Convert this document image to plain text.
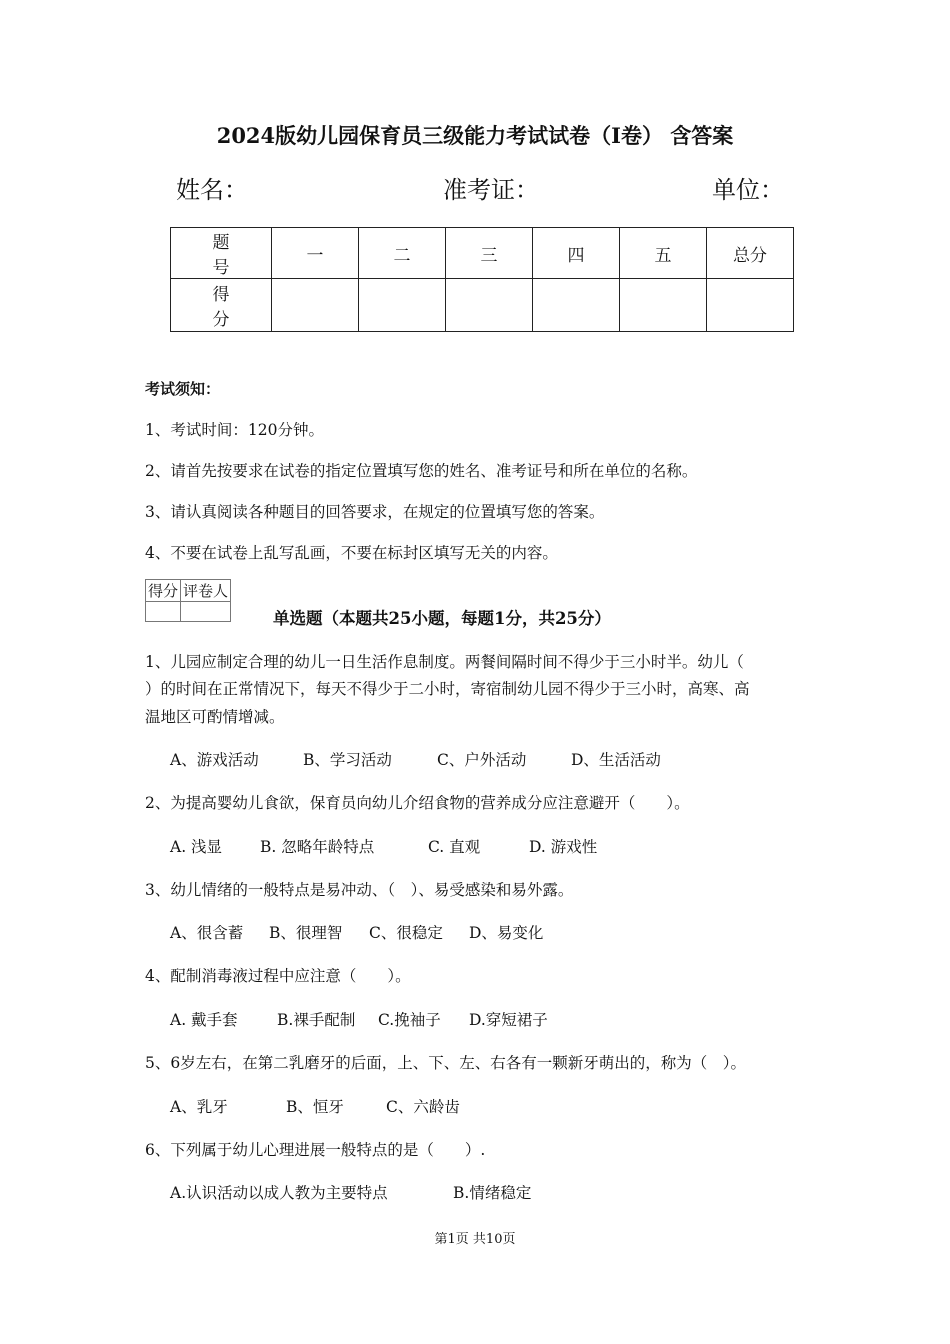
2024版幼儿园保育员三级能力考试试卷（I卷） 含答案
姓名：	准考证：	单位：
题　号	一	二	三	四	五	总分
得　分						
考试须知：
1、考试时间：120分钟。
2、请首先按要求在试卷的指定位置填写您的姓名、准考证号和所在单位的名称。
3、请认真阅读各种题目的回答要求，在规定的位置填写您的答案。
4、不要在试卷上乱写乱画，不要在标封区填写无关的内容。
得分	评卷人

单选题（本题共25小题，每题1分，共25分）
1、儿园应制定合理的幼儿一日生活作息制度。两餐间隔时间不得少于三小时半。幼儿（
）的时间在正常情况下，每天不得少于二小时，寄宿制幼儿园不得少于三小时，高寒、高
温地区可酌情增减。
A、游戏活动	B、学习活动	C、户外活动	D、生活活动
2、为提高婴幼儿食欲，保育员向幼儿介绍食物的营养成分应注意避开（　　）。
A. 浅显 B. 忽略年龄特点	C. 直观	D. 游戏性
3、幼儿情绪的一般特点是易冲动、（　）、易受感染和易外露。
A、很含蓄 B、很理智 C、很稳定 D、易变化
4、配制消毒液过程中应注意（　　）。
A. 戴手套	B.裸手配制 C.挽袖子 D.穿短裙子
5、6岁左右，在第二乳磨牙的后面，上、下、左、右各有一颗新牙萌出的，称为（　）。
A、乳牙	B、恒牙	C、六龄齿
6、下列属于幼儿心理进展一般特点的是（　　）.
A.认识活动以成人教为主要特点	B.情绪稳定
第1页 共10页
